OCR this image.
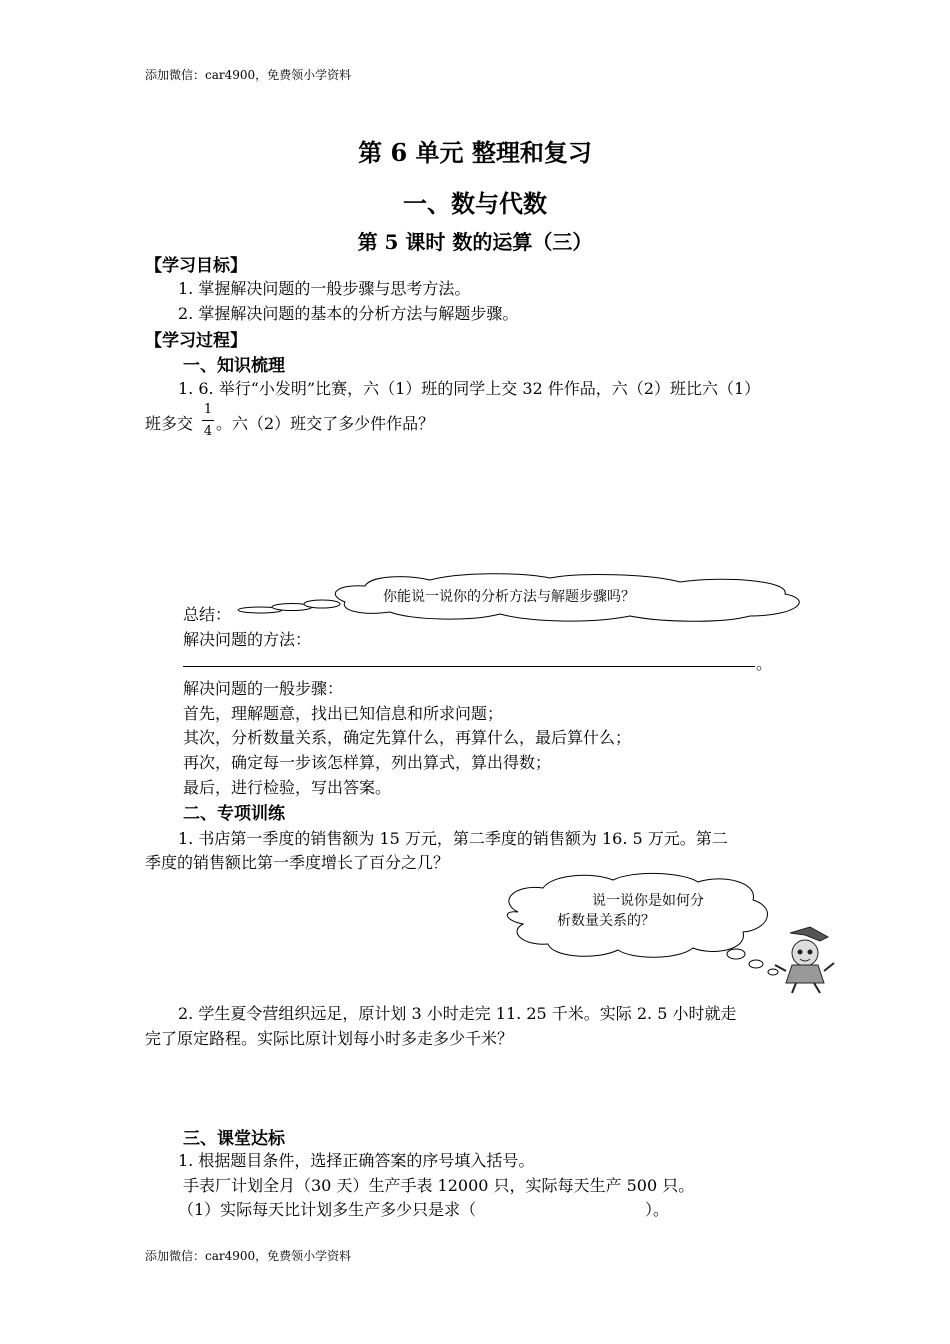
添加微信：car4900，免费领小学资料
第 6 单元 整理和复习
一、数与代数
第 5 课时 数的运算（三）
【学习目标】
1. 掌握解决问题的一般步骤与思考方法。
2. 掌握解决问题的基本的分析方法与解题步骤。
【学习过程】
一、知识梳理
1. 6. 举行“小发明”比赛，六（1）班的同学上交 32 件作品，六（2）班比六（1）
班多交
1
4 。六（2）班交了多少件作品？
你能说一说你的分析方法与解题步骤吗？
总结：
解决问题的方法：
。
解决问题的一般步骤：
首先，理解题意，找出已知信息和所求问题；
其次，分析数量关系，确定先算什么，再算什么，最后算什么；
再次，确定每一步该怎样算，列出算式，算出得数；
最后，进行检验，写出答案。
二、专项训练
1. 书店第一季度的销售额为 15 万元，第二季度的销售额为 16. 5 万元。第二
季度的销售额比第一季度增长了百分之几？
说一说你是如何分
析数量关系的？
2. 学生夏令营组织远足，原计划 3 小时走完 11. 25 千米。实际 2. 5 小时就走
完了原定路程。实际比原计划每小时多走多少千米？
三、课堂达标
1. 根据题目条件，选择正确答案的序号填入括号。
手表厂计划全月（30 天）生产手表 12000 只，实际每天生产 500 只。
（1）实际每天比计划多生产多少只是求（	）。
添加微信：car4900，免费领小学资料
